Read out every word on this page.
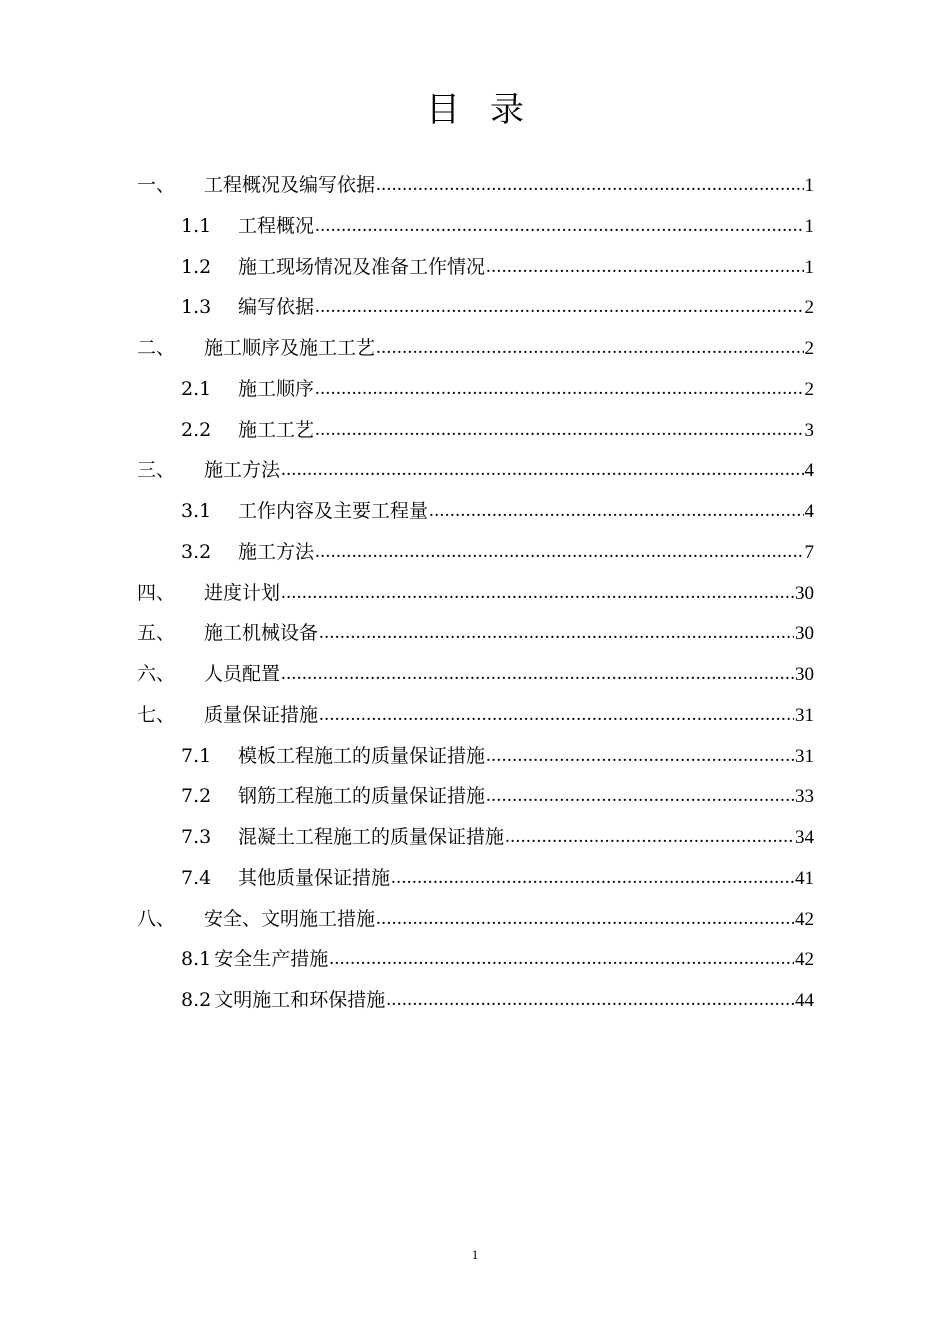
目录
一、	工程概况及编写依据 .....	1
1.1	工程概况 .....	1
1.2	施工现场情况及准备工作情况 .....	1
1.3	编写依据 .....	2
二、	施工顺序及施工工艺 .....	2
2.1	施工顺序 .....	2
2.2	施工工艺 .....	3
三、	施工方法 .....	4
3.1	工作内容及主要工程量 .....	4
3.2	施工方法 .....	7
四、	进度计划 .....	30
五、	施工机械设备 .....	30
六、	人员配置 .....	30
七、	质量保证措施 .....	31
7.1	模板工程施工的质量保证措施 .....	31
7.2	钢筋工程施工的质量保证措施 .....	33
7.3	混凝土工程施工的质量保证措施 .....	34
7.4	其他质量保证措施 .....	41
八、	安全、文明施工措施 .....	42
8.1 安全生产措施 .....	42
8.2 文明施工和环保措施 .....	44
1
